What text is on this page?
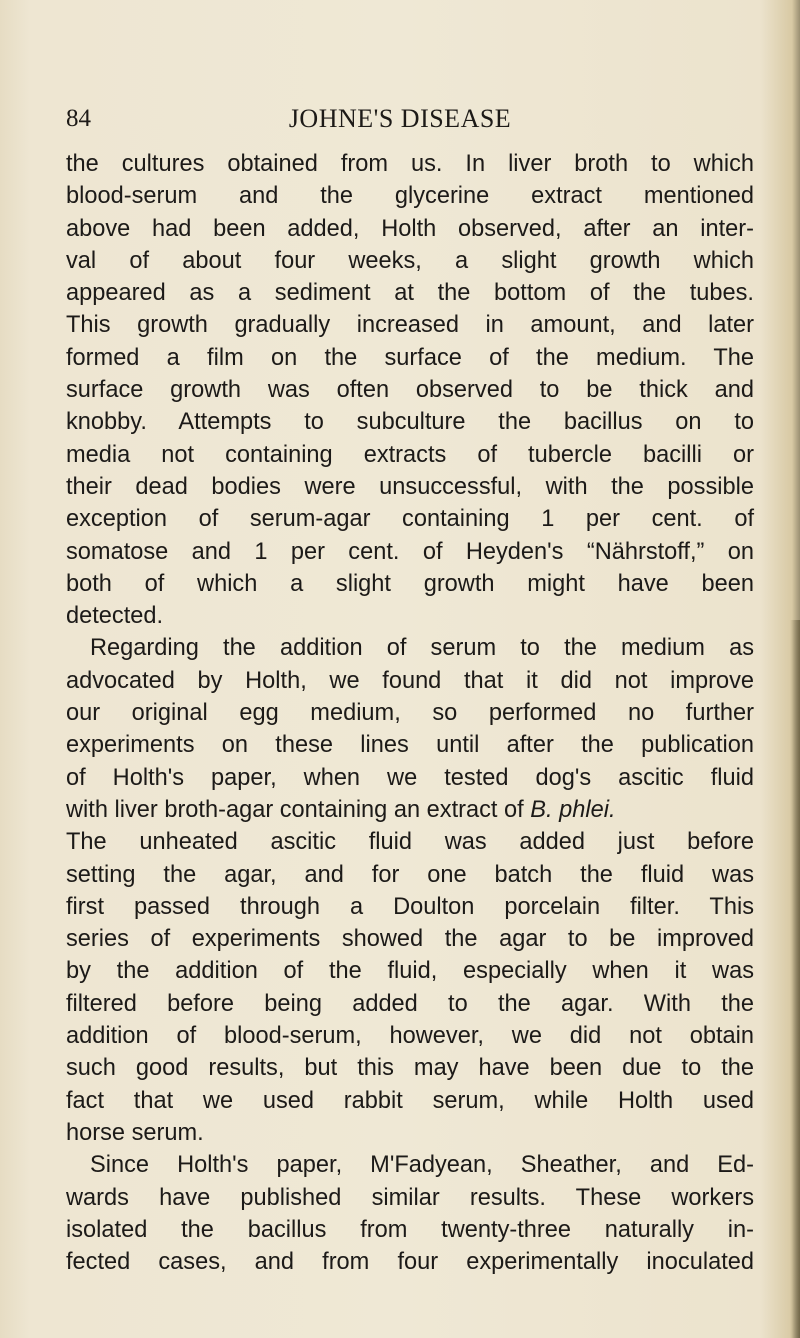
84	JOHNE'S DISEASE
the cultures obtained from us. In liver broth to which
blood-serum and the glycerine extract mentioned
above had been added, Holth observed, after an inter-
val of about four weeks, a slight growth which
appeared as a sediment at the bottom of the tubes.
This growth gradually increased in amount, and later
formed a film on the surface of the medium. The
surface growth was often observed to be thick and
knobby. Attempts to subculture the bacillus on to
media not containing extracts of tubercle bacilli or
their dead bodies were unsuccessful, with the possible
exception of serum-agar containing 1 per cent. of
somatose and 1 per cent. of Heyden's “Nährstoff,” on
both of which a slight growth might have been
detected.
Regarding the addition of serum to the medium as
advocated by Holth, we found that it did not improve
our original egg medium, so performed no further
experiments on these lines until after the publication
of Holth's paper, when we tested dog's ascitic fluid
with liver broth-agar containing an extract of B. phlei.
The unheated ascitic fluid was added just before
setting the agar, and for one batch the fluid was
first passed through a Doulton porcelain filter. This
series of experiments showed the agar to be improved
by the addition of the fluid, especially when it was
filtered before being added to the agar. With the
addition of blood-serum, however, we did not obtain
such good results, but this may have been due to the
fact that we used rabbit serum, while Holth used
horse serum.
Since Holth's paper, M'Fadyean, Sheather, and Ed-
wards have published similar results. These workers
isolated the bacillus from twenty-three naturally in-
fected cases, and from four experimentally inoculated
